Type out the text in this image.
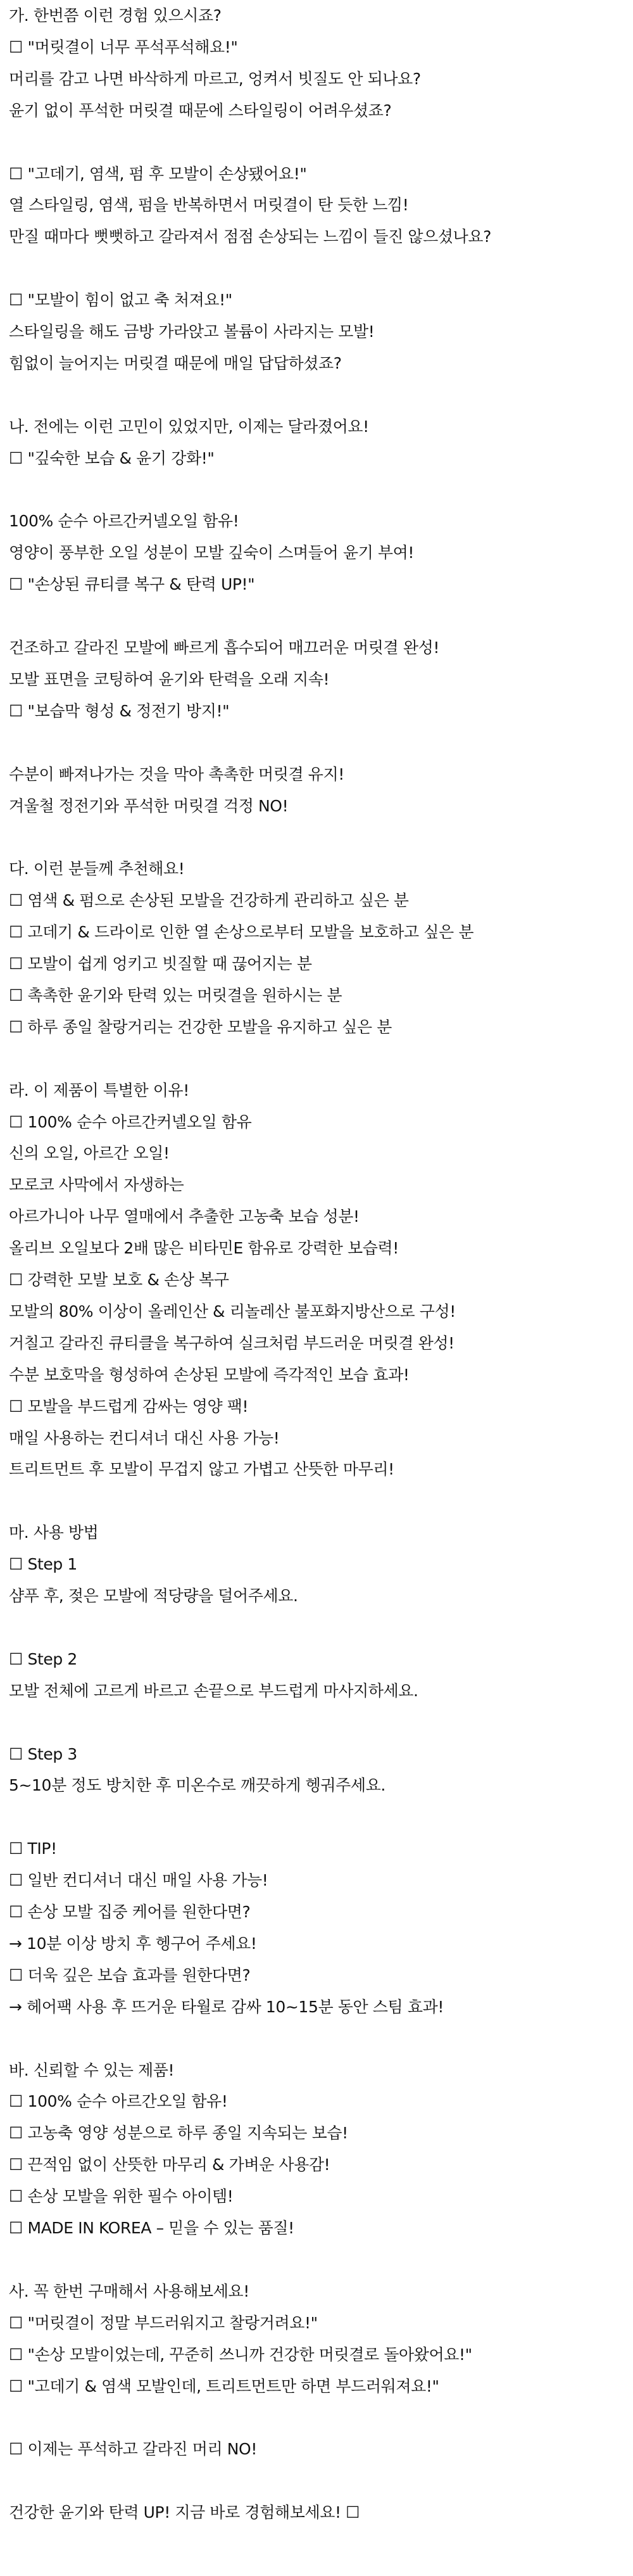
가. 한번쯤 이런 경험 있으시죠?
☐ "머릿결이 너무 푸석푸석해요!"
머리를 감고 나면 바삭하게 마르고, 엉켜서 빗질도 안 되나요?
윤기 없이 푸석한 머릿결 때문에 스타일링이 어려우셨죠?
☐ "고데기, 염색, 펌 후 모발이 손상됐어요!"
열 스타일링, 염색, 펌을 반복하면서 머릿결이 탄 듯한 느낌!
만질 때마다 뻣뻣하고 갈라져서 점점 손상되는 느낌이 들진 않으셨나요?
☐ "모발이 힘이 없고 축 처져요!"
스타일링을 해도 금방 가라앉고 볼륨이 사라지는 모발!
힘없이 늘어지는 머릿결 때문에 매일 답답하셨죠?
나. 전에는 이런 고민이 있었지만, 이제는 달라졌어요!
☐ "깊숙한 보습 & 윤기 강화!"
100% 순수 아르간커넬오일 함유!
영양이 풍부한 오일 성분이 모발 깊숙이 스며들어 윤기 부여!
☐ "손상된 큐티클 복구 & 탄력 UP!"
건조하고 갈라진 모발에 빠르게 흡수되어 매끄러운 머릿결 완성!
모발 표면을 코팅하여 윤기와 탄력을 오래 지속!
☐ "보습막 형성 & 정전기 방지!"
수분이 빠져나가는 것을 막아 촉촉한 머릿결 유지!
겨울철 정전기와 푸석한 머릿결 걱정 NO!
다. 이런 분들께 추천해요!
☐ 염색 & 펌으로 손상된 모발을 건강하게 관리하고 싶은 분
☐ 고데기 & 드라이로 인한 열 손상으로부터 모발을 보호하고 싶은 분
☐ 모발이 쉽게 엉키고 빗질할 때 끊어지는 분
☐ 촉촉한 윤기와 탄력 있는 머릿결을 원하시는 분
☐ 하루 종일 찰랑거리는 건강한 모발을 유지하고 싶은 분
라. 이 제품이 특별한 이유!
☐ 100% 순수 아르간커넬오일 함유
신의 오일, 아르간 오일!
모로코 사막에서 자생하는
아르가니아 나무 열매에서 추출한 고농축 보습 성분!
올리브 오일보다 2배 많은 비타민E 함유로 강력한 보습력!
☐ 강력한 모발 보호 & 손상 복구
모발의 80% 이상이 올레인산 & 리놀레산 불포화지방산으로 구성!
거칠고 갈라진 큐티클을 복구하여 실크처럼 부드러운 머릿결 완성!
수분 보호막을 형성하여 손상된 모발에 즉각적인 보습 효과!
☐ 모발을 부드럽게 감싸는 영양 팩!
매일 사용하는 컨디셔너 대신 사용 가능!
트리트먼트 후 모발이 무겁지 않고 가볍고 산뜻한 마무리!
마. 사용 방법
☐ Step 1
샴푸 후, 젖은 모발에 적당량을 덜어주세요.
☐ Step 2
모발 전체에 고르게 바르고 손끝으로 부드럽게 마사지하세요.
☐ Step 3
5~10분 정도 방치한 후 미온수로 깨끗하게 헹궈주세요.
☐ TIP!
☐ 일반 컨디셔너 대신 매일 사용 가능!
☐ 손상 모발 집중 케어를 원한다면?
→ 10분 이상 방치 후 헹구어 주세요!
☐ 더욱 깊은 보습 효과를 원한다면?
→ 헤어팩 사용 후 뜨거운 타월로 감싸 10~15분 동안 스팀 효과!
바. 신뢰할 수 있는 제품!
☐ 100% 순수 아르간오일 함유!
☐ 고농축 영양 성분으로 하루 종일 지속되는 보습!
☐ 끈적임 없이 산뜻한 마무리 & 가벼운 사용감!
☐ 손상 모발을 위한 필수 아이템!
☐ MADE IN KOREA – 믿을 수 있는 품질!
사. 꼭 한번 구매해서 사용해보세요!
☐ "머릿결이 정말 부드러워지고 찰랑거려요!"
☐ "손상 모발이었는데, 꾸준히 쓰니까 건강한 머릿결로 돌아왔어요!"
☐ "고데기 & 염색 모발인데, 트리트먼트만 하면 부드러워져요!"
☐ 이제는 푸석하고 갈라진 머리 NO!
건강한 윤기와 탄력 UP! 지금 바로 경험해보세요! ☐
